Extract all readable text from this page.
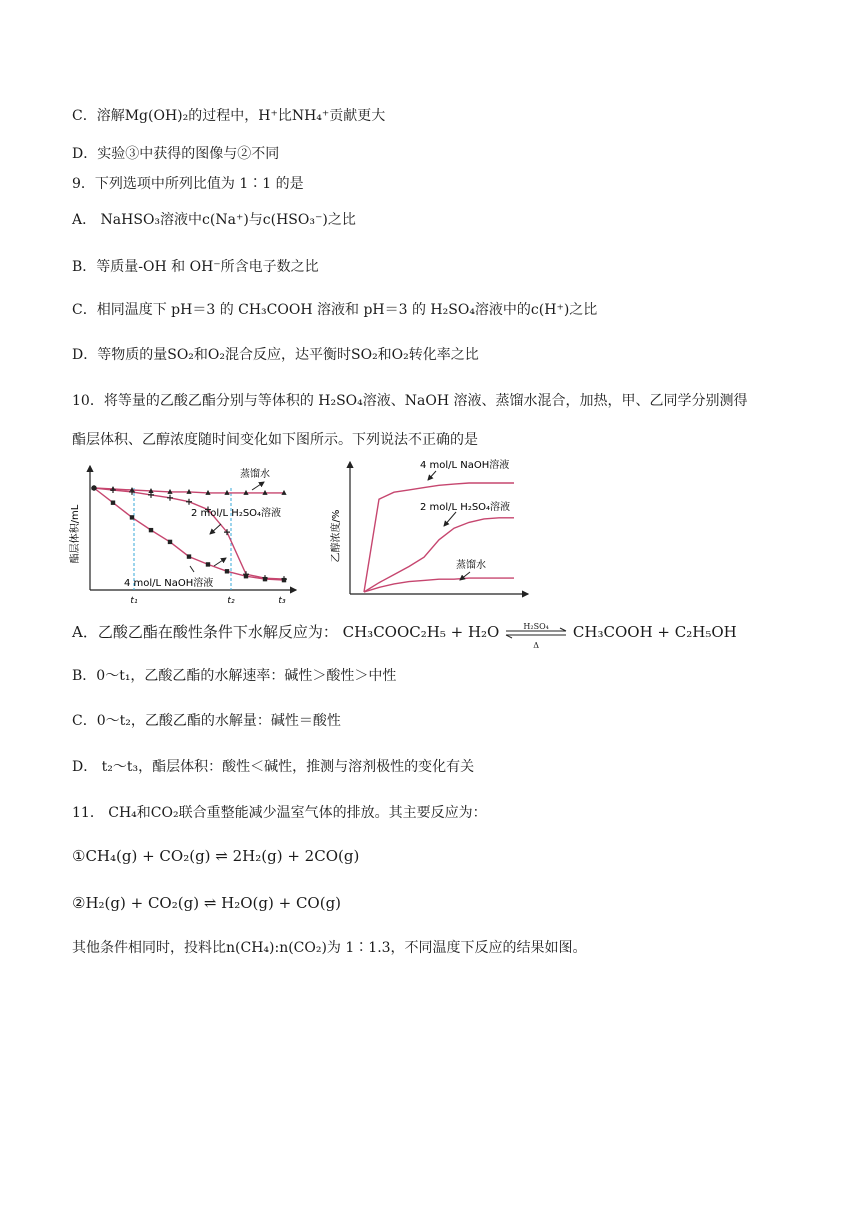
C．溶解Mg(OH)₂的过程中，H⁺比NH₄⁺贡献更大
D．实验③中获得的图像与②不同
9．下列选项中所列比值为 1∶1 的是
A． NaHSO₃溶液中c(Na⁺)与c(HSO₃⁻)之比
B．等质量-OH 和 OH⁻所含电子数之比
C．相同温度下 pH＝3 的 CH₃COOH 溶液和 pH＝3 的 H₂SO₄溶液中的c(H⁺)之比
D．等物质的量SO₂和O₂混合反应，达平衡时SO₂和O₂转化率之比
10．将等量的乙酸乙酯分别与等体积的 H₂SO₄溶液、NaOH 溶液、蒸馏水混合，加热，甲、乙同学分别测得
酯层体积、乙醇浓度随时间变化如下图所示。下列说法不正确的是
酯层体积/mL
t₁	t₂	t₃
蒸馏水
2 mol/L H₂SO₄溶液
4 mol/L NaOH溶液
乙醇浓度/%
4 mol/L NaOH溶液
2 mol/L H₂SO₄溶液
蒸馏水
A．乙酸乙酯在酸性条件下水解反应为： CH₃COOC₂H₅ + H₂O	H₂SO₄
Δ
CH₃COOH + C₂H₅OH
B．0～t₁，乙酸乙酯的水解速率：碱性＞酸性＞中性
C．0～t₂，乙酸乙酯的水解量：碱性＝酸性
D． t₂～t₃，酯层体积：酸性＜碱性，推测与溶剂极性的变化有关
11． CH₄和CO₂联合重整能减少温室气体的排放。其主要反应为：
①CH₄(g) + CO₂(g) ⇌ 2H₂(g) + 2CO(g)
②H₂(g) + CO₂(g) ⇌ H₂O(g) + CO(g)
其他条件相同时，投料比n(CH₄):n(CO₂)为 1∶1.3，不同温度下反应的结果如图。
